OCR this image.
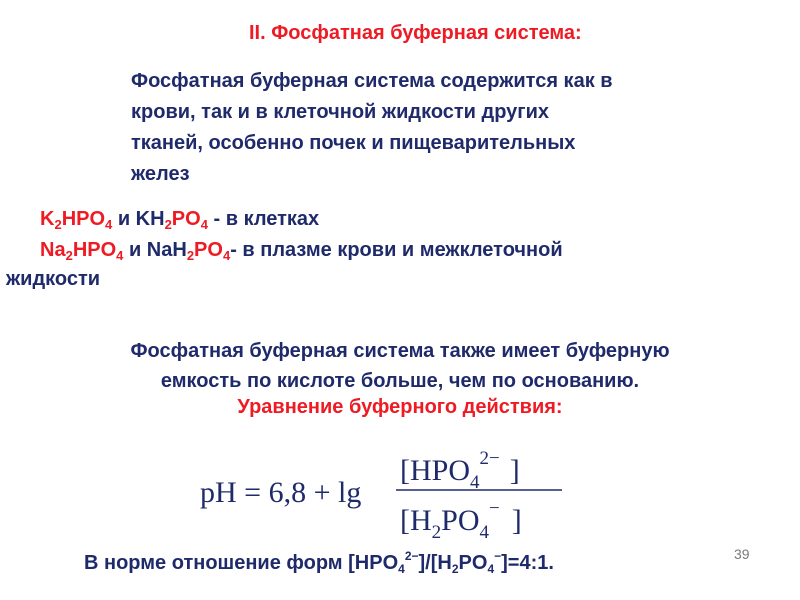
II. Фосфатная буферная система:
Фосфатная буферная система содержится как в
крови, так и в клеточной жидкости других
тканей, особенно почек и пищеварительных
желез
$K_2HPO_4$ и $KH_2PO_4$ - в клетках
$Na_2HPO_4$ и $NaH_2PO_4-$ в плазме крови и межклеточной
жидкости
Фосфатная буферная система также имеет буферную
емкость по кислоте больше, чем по основанию.
Уравнение буферного действия:
pH = 6,8 + lg
[$HPO_4^{2-}$ ]
[$H_2PO_4^-$ ]
В норме отношение форм $[HPO_4^{2-}]/[H_2PO_4^-]=4:1$.	39
